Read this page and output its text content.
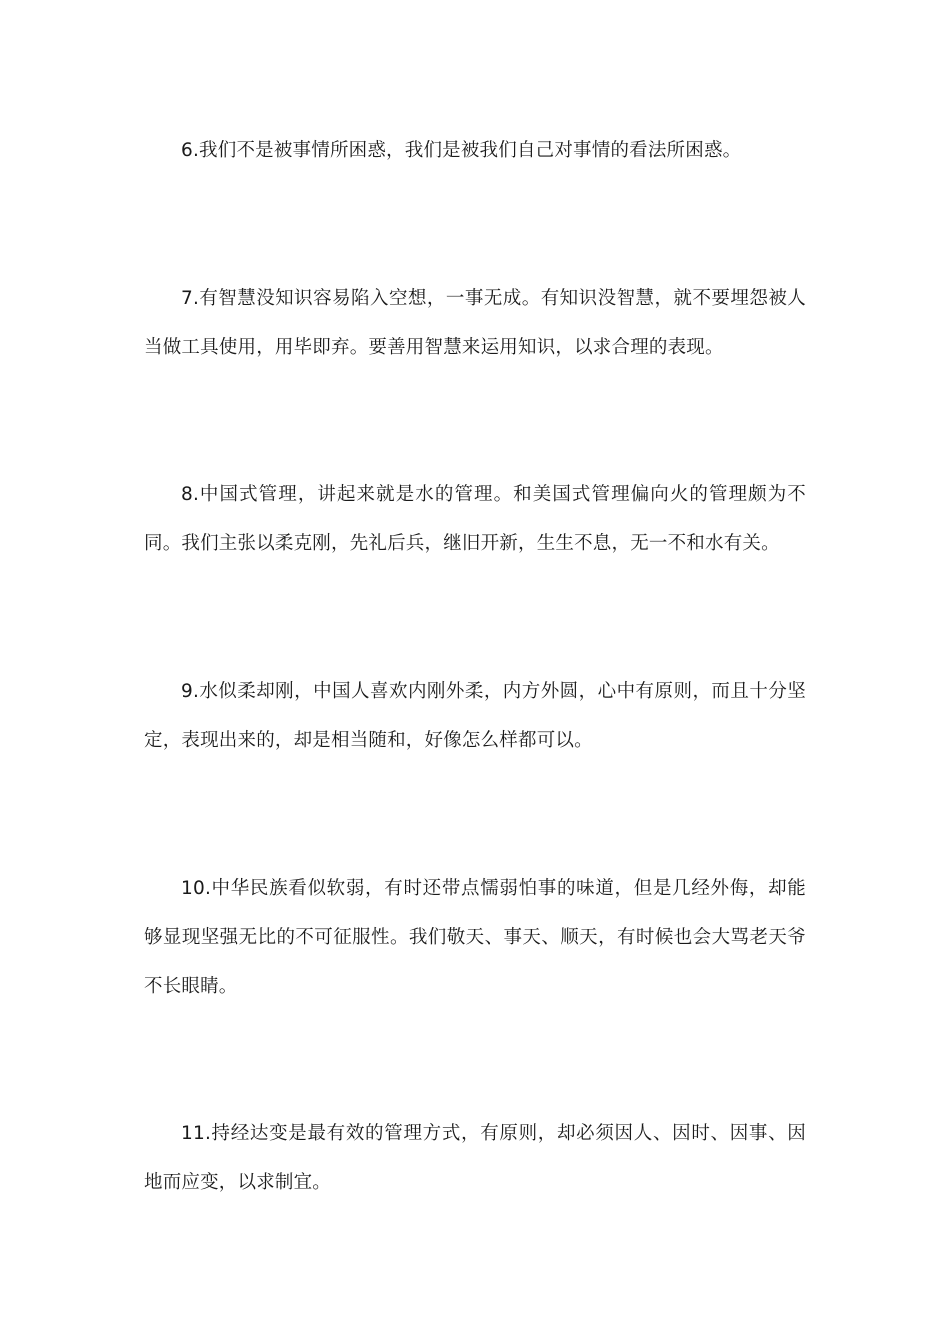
6.我们不是被事情所困惑，我们是被我们自己对事情的看法所困惑。

7.有智慧没知识容易陷入空想，一事无成。有知识没智慧，就不要埋怨被人当做工具使用，用毕即弃。要善用智慧来运用知识，以求合理的表现。

8.中国式管理，讲起来就是水的管理。和美国式管理偏向火的管理颇为不同。我们主张以柔克刚，先礼后兵，继旧开新，生生不息，无一不和水有关。

9.水似柔却刚，中国人喜欢内刚外柔，内方外圆，心中有原则，而且十分坚定，表现出来的，却是相当随和，好像怎么样都可以。

10.中华民族看似软弱，有时还带点懦弱怕事的味道，但是几经外侮，却能够显现坚强无比的不可征服性。我们敬天、事天、顺天，有时候也会大骂老天爷不长眼睛。

11.持经达变是最有效的管理方式，有原则，却必须因人、因时、因事、因地而应变，以求制宜。
